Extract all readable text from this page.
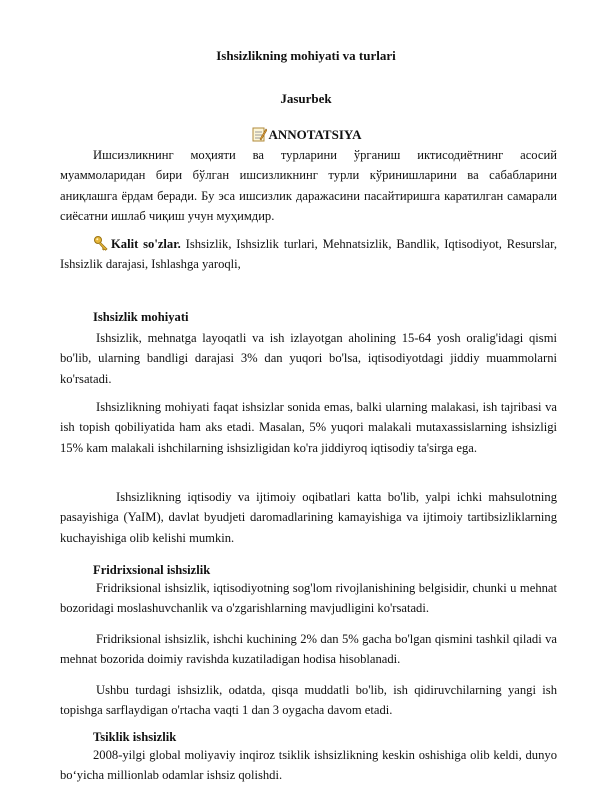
Ishsizlikning mohiyati va turlari
Jasurbek
ANNOTATSIYA

Ишсизликнинг моҳияти ва турларини ўрганиш иктисодиётнинг асосий муаммоларидан бири бўлган ишсизликнинг турли кўринишларини ва сабабларини аниқлашга ёрдам беради. Бу эса ишсизлик даражасини пасайтиришга каратилган самарали сиёсатни ишлаб чиқиш учун муҳимдир.

Kalit so'zlar. Ishsizlik, Ishsizlik turlari, Mehnatsizlik, Bandlik, Iqtisodiyot, Resurslar, Ishsizlik darajasi, Ishlashga yaroqli,

Ishsizlik mohiyati

Ishsizlik, mehnatga layoqatli va ish izlayotgan aholining 15-64 yosh oralig'idagi qismi bo'lib, ularning bandligi darajasi 3% dan yuqori bo'lsa, iqtisodiyotdagi jiddiy muammolarni ko'rsatadi.

Ishsizlikning mohiyati faqat ishsizlar sonida emas, balki ularning malakasi, ish tajribasi va ish topish qobiliyatida ham aks etadi. Masalan, 5% yuqori malakali mutaxassislarning ishsizligi 15% kam malakali ishchilarning ishsizligidan ko'ra jiddiyroq iqtisodiy ta'sirga ega.

Ishsizlikning iqtisodiy va ijtimoiy oqibatlari katta bo'lib, yalpi ichki mahsulotning pasayishiga (YaIM), davlat byudjeti daromadlarining kamayishiga va ijtimoiy tartibsizliklarning kuchayishiga olib kelishi mumkin.

Fridrixsional ishsizlik

Fridriksional ishsizlik, iqtisodiyotning sog'lom rivojlanishining belgisidir, chunki u mehnat bozoridagi moslashuvchanlik va o'zgarishlarning mavjudligini ko'rsatadi.

Fridriksional ishsizlik, ishchi kuchining 2% dan 5% gacha bo'lgan qismini tashkil qiladi va mehnat bozorida doimiy ravishda kuzatiladigan hodisa hisoblanadi.

Ushbu turdagi ishsizlik, odatda, qisqa muddatli bo'lib, ish qidiruvchilarning yangi ish topishga sarflaydigan o'rtacha vaqti 1 dan 3 oygacha davom etadi.

Tsiklik ishsizlik

2008-yilgi global moliyaviy inqiroz tsiklik ishsizlikning keskin oshishiga olib keldi, dunyo bo‘yicha millionlab odamlar ishsiz qolishdi.
